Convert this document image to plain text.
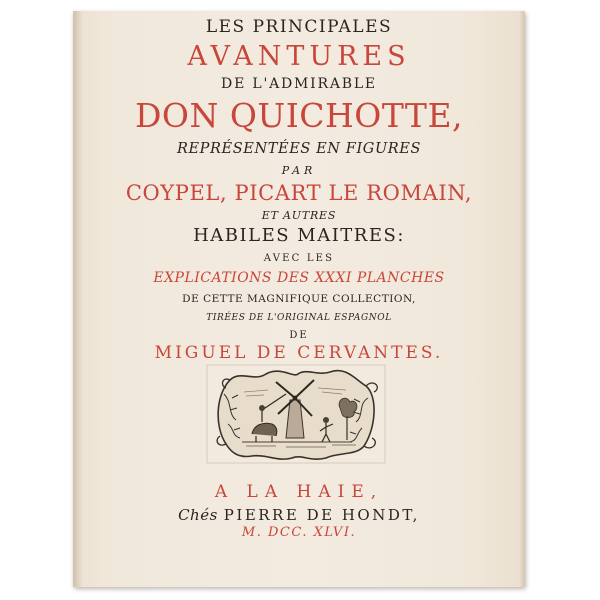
LES PRINCIPALES
AVANTURES
DE L'ADMIRABLE
DON QUICHOTTE,
REPRÉSENTÉES EN FIGURES
PAR
COYPEL, PICART LE ROMAIN,
ET AUTRES
HABILES MAITRES:
AVEC LES
EXPLICATIONS DES XXXI PLANCHES
DE CETTE MAGNIFIQUE COLLECTION,
TIRÉES DE L'ORIGINAL ESPAGNOL
DE
MIGUEL DE CERVANTES.
A LA HAIE,
Chés PIERRE DE HONDT,
M. DCC. XLVI.
